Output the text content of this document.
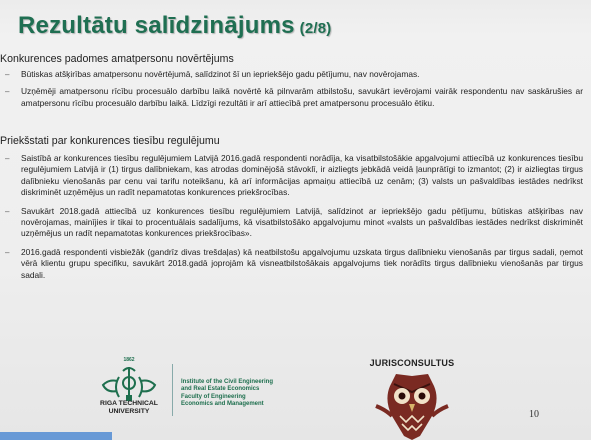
Rezultātu salīdzinājums (2/8)
Konkurences padomes amatpersonu novērtējums
– Būtiskas atšķirības amatpersonu novērtējumā, salīdzinot šī un iepriekšējo gadu pētījumu, nav novērojamas.
– Uzņēmēji amatpersonu rīcību procesuālo darbību laikā novērtē kā pilnvarām atbilstošu, savukārt ievērojami vairāk respondentu nav saskārušies ar amatpersonu rīcību procesuālo darbību laikā. Līdzīgi rezultāti ir arī attiecībā pret amatpersonu procesuālo ētiku.
Priekšstati par konkurences tiesību regulējumu
– Saistībā ar konkurences tiesību regulējumiem Latvijā 2016.gadā respondenti norādīja, ka visatbilstošākie apgalvojumi attiecībā uz konkurences tiesību regulējumiem Latvijā ir (1) tirgus dalībniekam, kas atrodas dominējošā stāvoklī, ir aizliegts jebkādā veidā ļaunprātīgi to izmantot; (2) ir aizliegtas tirgus dalībnieku vienošanās par cenu vai tarifu noteikšanu, kā arī informācijas apmaiņu attiecībā uz cenām; (3) valsts un pašvaldības iestādes nedrīkst diskriminēt uzņēmējus un radīt nepamatotas konkurences priekšrocības.
– Savukārt 2018.gadā attiecībā uz konkurences tiesību regulējumiem Latvijā, salīdzinot ar iepriekšējo gadu pētījumu, būtiskas atšķirības nav novērojamas, mainījies ir tikai to procentuālais sadalījums, kā visatbilstošāko apgalvojumu minot «valsts un pašvaldības iestādes nedrīkst diskriminēt uzņēmējus un radīt nepamatotas konkurences priekšrocības».
– 2016.gadā respondenti visbiežāk (gandrīz divas trešdaļas) kā neatbilstošu apgalvojumu uzskata tirgus dalībnieku vienošanās par tirgus sadali, ņemot vērā klientu grupu specifiku, savukārt 2018.gadā joprojām kā visneatbilstošākais apgalvojums tiek norādīts tirgus dalībnieku vienošanās par tirgus sadali.
1862
RIGA TECHNICAL
UNIVERSITY
Institute of the Civil Engineering
and Real Estate Economics
Faculty of Engineering
Economics and Management
JURISCONSULTUS
10
